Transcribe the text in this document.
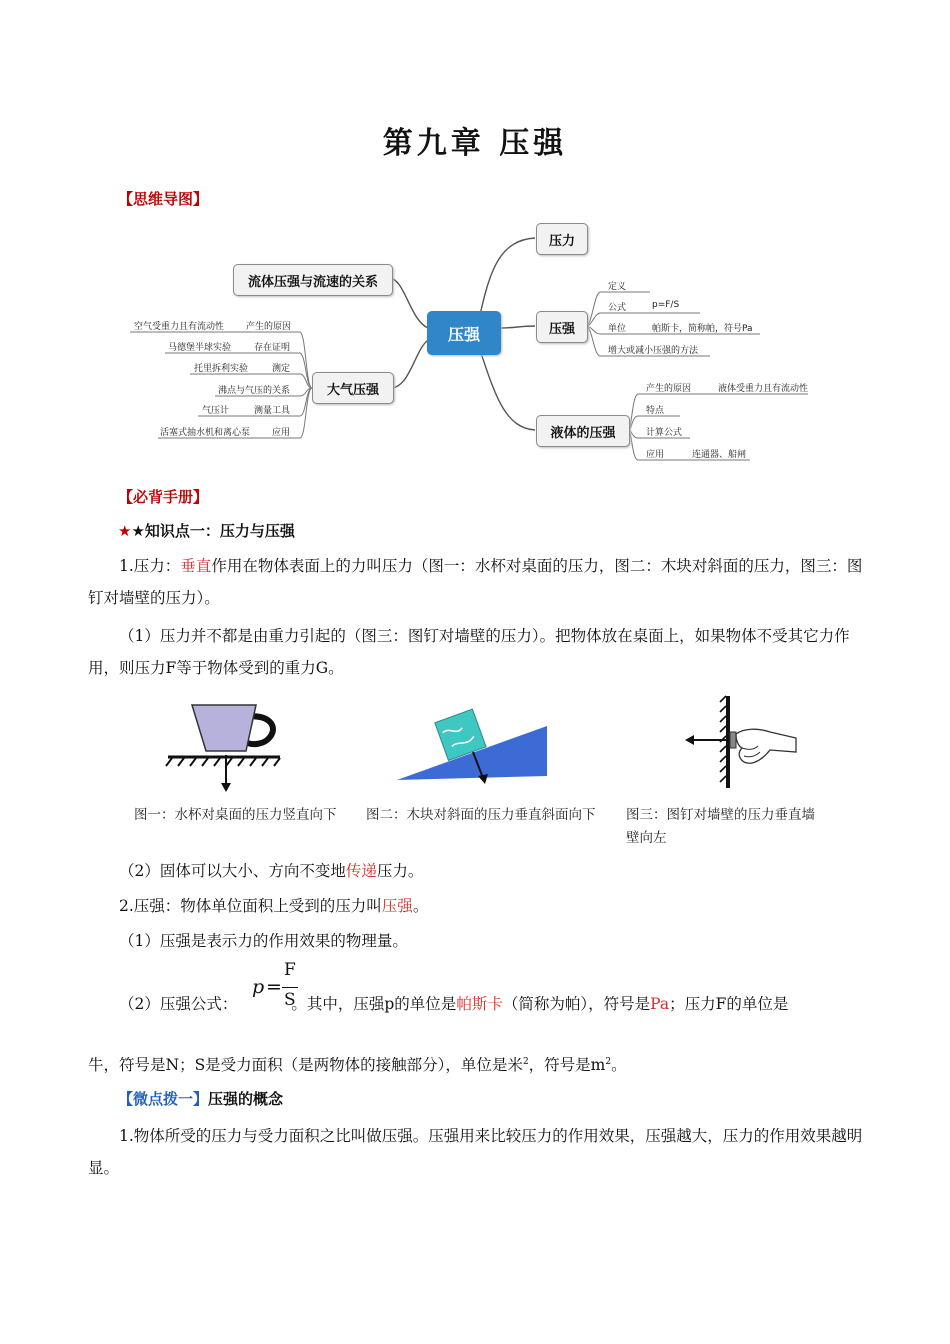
第九章 压强
【思维导图】
压强
压力
压强
液体的压强
流体压强与流速的关系
大气压强
定义
公式	p=F/S
单位	帕斯卡，简称帕，符号Pa
增大或减小压强的方法
产生的原因	液体受重力且有流动性
特点
计算公式
应用	连通器、船闸
空气受重力且有流动性 产生的原因
马德堡半球实验	存在证明
托里拆利实验	测定
沸点与气压的关系
气压计	测量工具
活塞式抽水机和离心泵 应用
【必背手册】
★★知识点一：压力与压强
1.压力：垂直作用在物体表面上的力叫压力（图一：水杯对桌面的压力，图二：木块对斜面的压力，图三：图钉对墙壁的压力）。
（1）压力并不都是由重力引起的（图三：图钉对墙壁的压力）。把物体放在桌面上，如果物体不受其它力作用，则压力F等于物体受到的重力G。
图一：水杯对桌面的压力竖直向下	图二：木块对斜面的压力垂直斜面向下	图三：图钉对墙壁的压力垂直墙壁向左
（2）固体可以大小、方向不变地传递压力。
2.压强：物体单位面积上受到的压力叫压强。
（1）压强是表示力的作用效果的物理量。
（2）压强公式：	。其中，压强p的单位是帕斯卡（简称为帕），符号是Pa；压力F的单位是
p =
F
S
牛，符号是N；S是受力面积（是两物体的接触部分），单位是米$^2$，符号是$m^2$。
【微点拨一】压强的概念
1.物体所受的压力与受力面积之比叫做压强。压强用来比较压力的作用效果，压强越大，压力的作用效果越明显。
